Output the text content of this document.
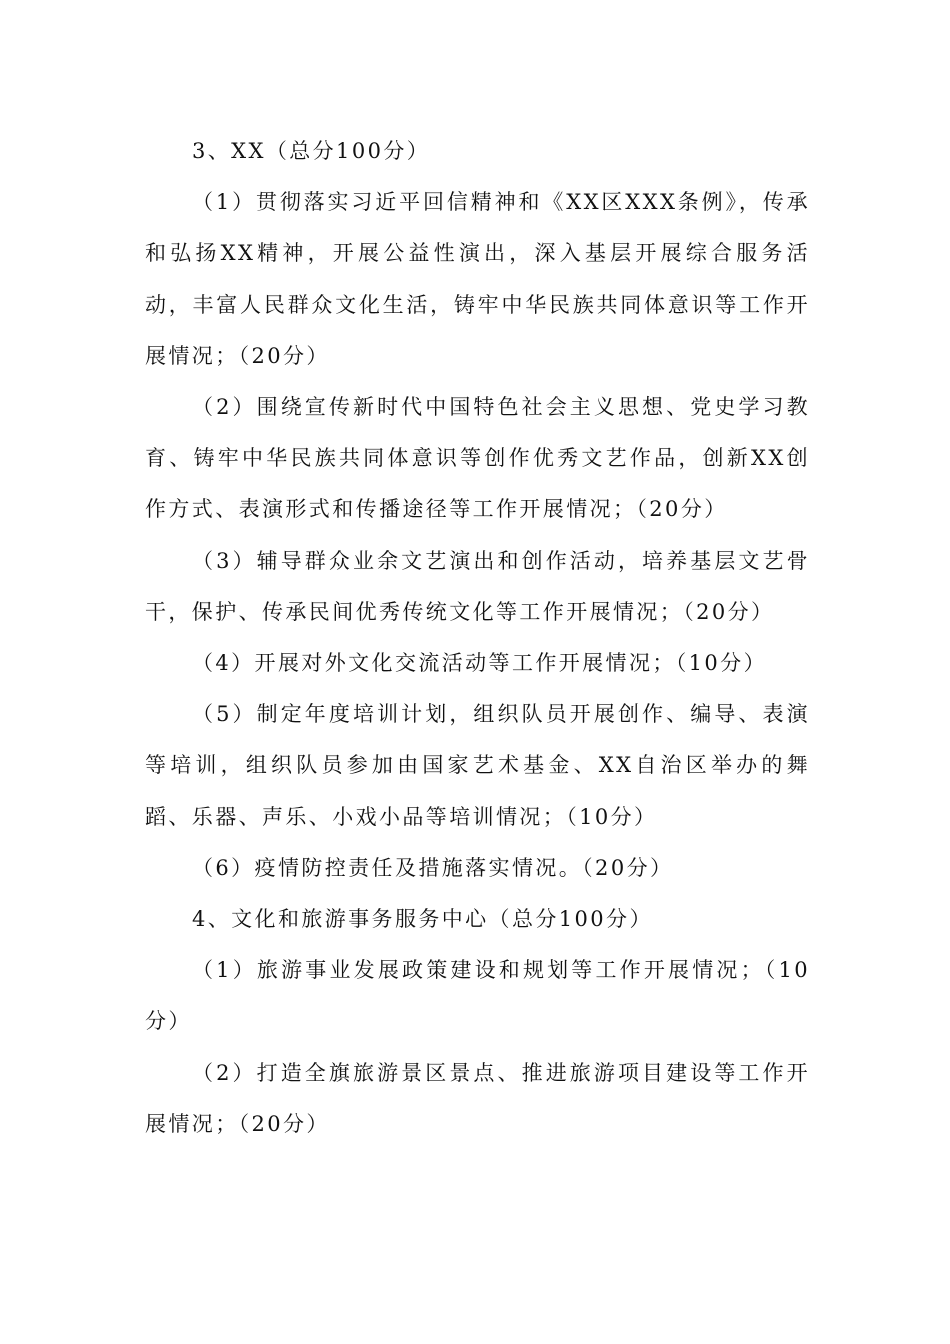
3、XX（总分100分）

（1）贯彻落实习近平回信精神和《XX区XXX条例》，传承和弘扬XX精神，开展公益性演出，深入基层开展综合服务活动，丰富人民群众文化生活，铸牢中华民族共同体意识等工作开展情况；（20分）

（2）围绕宣传新时代中国特色社会主义思想、党史学习教育、铸牢中华民族共同体意识等创作优秀文艺作品，创新XX创作方式、表演形式和传播途径等工作开展情况；（20分）

（3）辅导群众业余文艺演出和创作活动，培养基层文艺骨干，保护、传承民间优秀传统文化等工作开展情况；（20分）

（4）开展对外文化交流活动等工作开展情况；（10分）

（5）制定年度培训计划，组织队员开展创作、编导、表演等培训，组织队员参加由国家艺术基金、XX自治区举办的舞蹈、乐器、声乐、小戏小品等培训情况；（10分）

（6）疫情防控责任及措施落实情况。（20分）

4、文化和旅游事务服务中心（总分100分）

（1）旅游事业发展政策建设和规划等工作开展情况；（10分）

（2）打造全旗旅游景区景点、推进旅游项目建设等工作开展情况；（20分）
